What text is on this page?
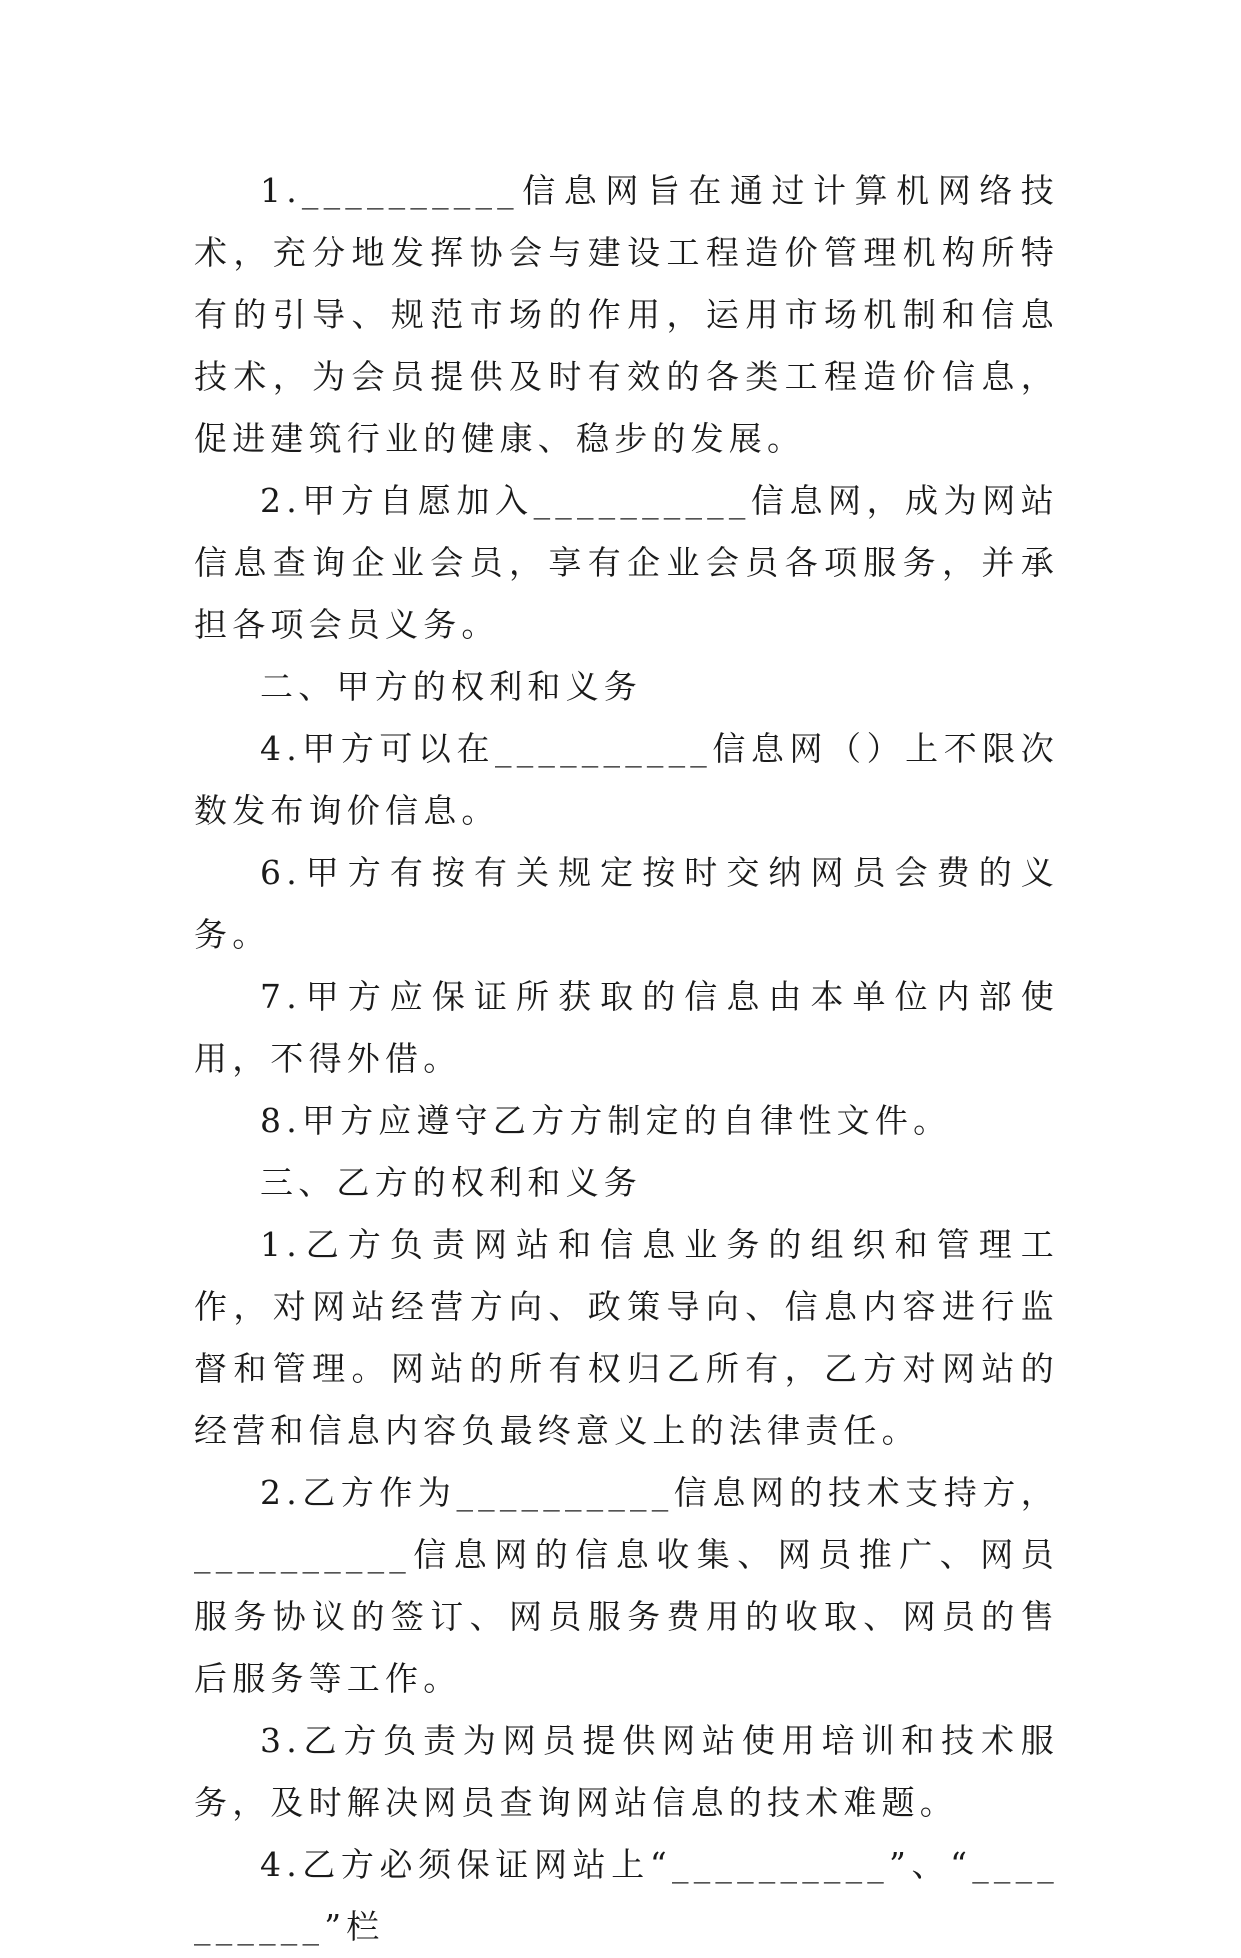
1.__________信息网旨在通过计算机网络技术，充分地发挥协会与建设工程造价管理机构所特有的引导、规范市场的作用，运用市场机制和信息技术，为会员提供及时有效的各类工程造价信息，促进建筑行业的健康、稳步的发展。

2.甲方自愿加入__________信息网，成为网站信息查询企业会员，享有企业会员各项服务，并承担各项会员义务。

二、甲方的权利和义务

4.甲方可以在__________信息网（）上不限次数发布询价信息。

6.甲方有按有关规定按时交纳网员会费的义务。

7.甲方应保证所获取的信息由本单位内部使用，不得外借。

8.甲方应遵守乙方方制定的自律性文件。

三、乙方的权利和义务

1.乙方负责网站和信息业务的组织和管理工作，对网站经营方向、政策导向、信息内容进行监督和管理。网站的所有权归乙所有，乙方对网站的经营和信息内容负最终意义上的法律责任。

2.乙方作为__________信息网的技术支持方，__________信息网的信息收集、网员推广、网员服务协议的签订、网员服务费用的收取、网员的售后服务等工作。

3.乙方负责为网员提供网站使用培训和技术服务，及时解决网员查询网站信息的技术难题。

4.乙方必须保证网站上“__________”、“__________”栏
